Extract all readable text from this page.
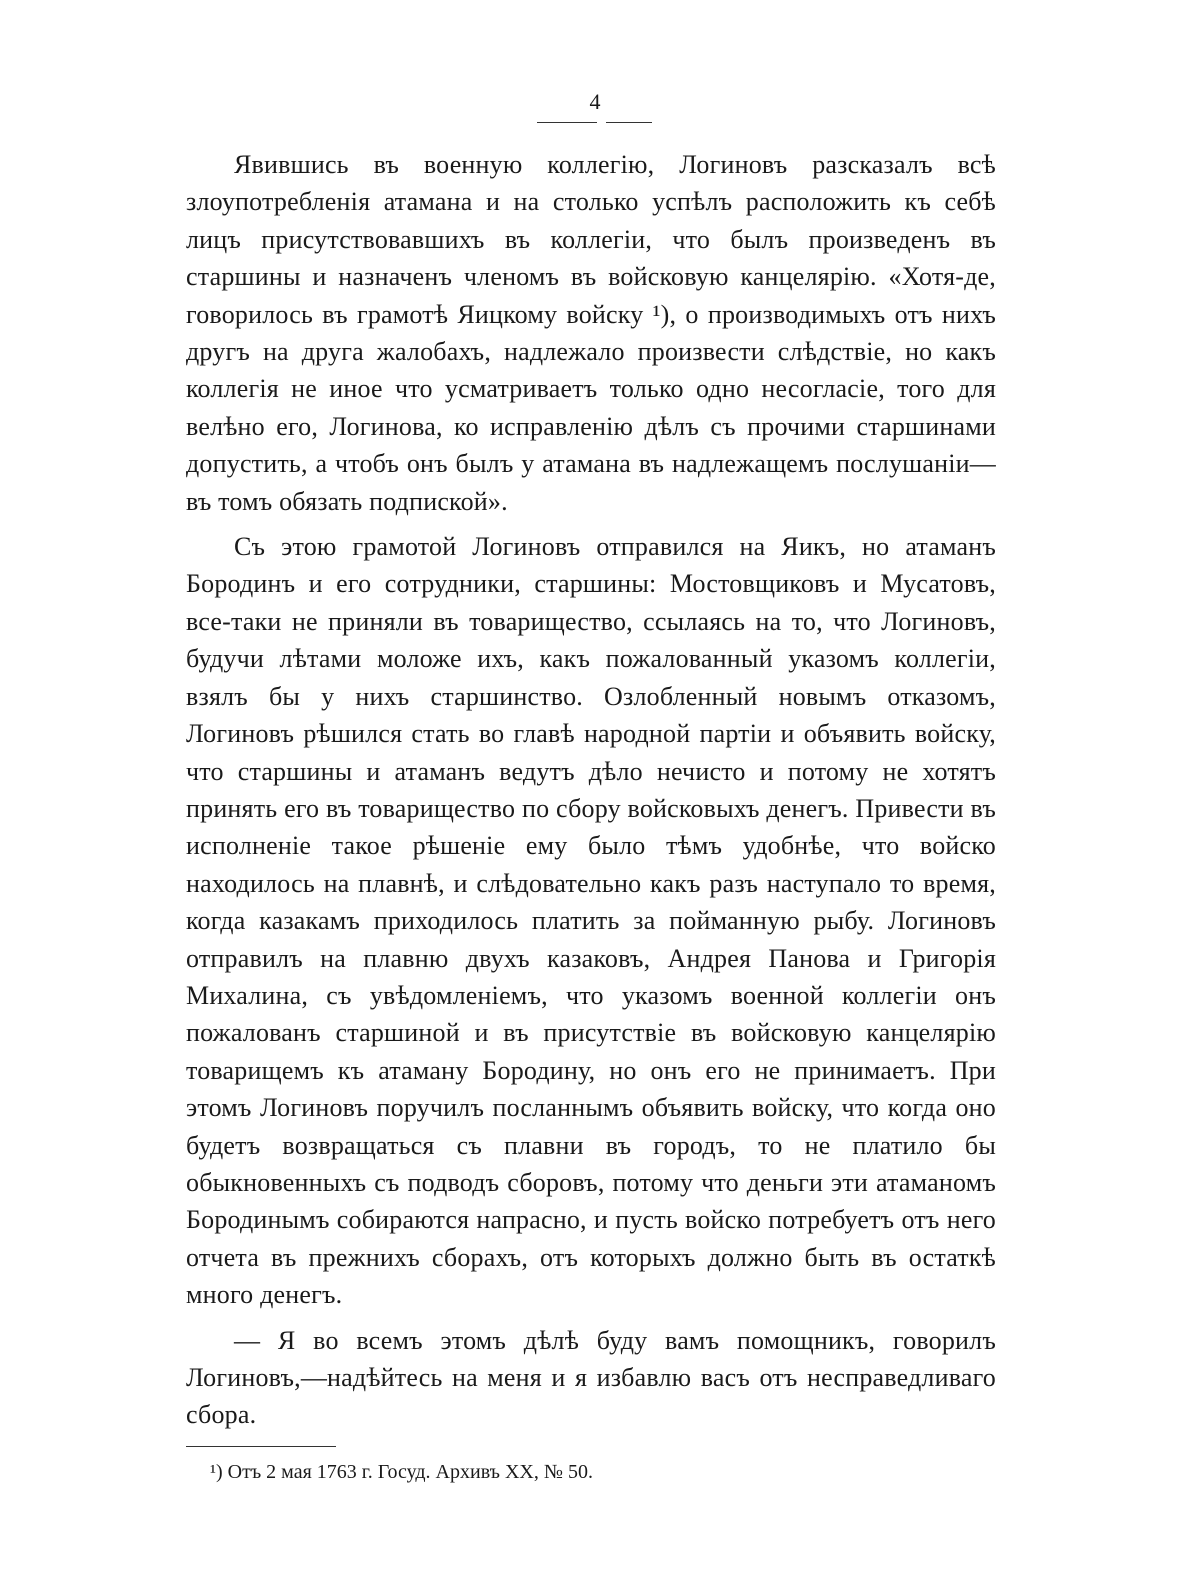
4

Явившись въ военную коллегію, Логиновъ разсказалъ всѣ злоупотребленія атамана и на столько успѣлъ расположить къ себѣ лицъ присутствовавшихъ въ коллегіи, что былъ произведенъ въ старшины и назначенъ членомъ въ войсковую канцелярію. «Хотя-де, говорилось въ грамотѣ Яицкому войску ¹), о производимыхъ отъ нихъ другъ на друга жалобахъ, надлежало произвести слѣдствіе, но какъ коллегія не иное что усматриваетъ только одно несогласіе, того для велѣно его, Логинова, ко исправленію дѣлъ съ прочими старшинами допустить, а чтобъ онъ былъ у атамана въ надлежащемъ послушаніи—въ томъ обязать подпиской».

Съ этою грамотой Логиновъ отправился на Яикъ, но атаманъ Бородинъ и его сотрудники, старшины: Мостовщиковъ и Мусатовъ, все-таки не приняли въ товарищество, ссылаясь на то, что Логиновъ, будучи лѣтами моложе ихъ, какъ пожалованный указомъ коллегіи, взялъ бы у нихъ старшинство. Озлобленный новымъ отказомъ, Логиновъ рѣшился стать во главѣ народной партіи и объявить войску, что старшины и атаманъ ведутъ дѣло нечисто и потому не хотятъ принять его въ товарищество по сбору войсковыхъ денегъ. Привести въ исполненіе такое рѣшеніе ему было тѣмъ удобнѣе, что войско находилось на плавнѣ, и слѣдовательно какъ разъ наступало то время, когда казакамъ приходилось платить за пойманную рыбу. Логиновъ отправилъ на плавню двухъ казаковъ, Андрея Панова и Григорія Михалина, съ увѣдомленіемъ, что указомъ военной коллегіи онъ пожалованъ старшиной и въ присутствіе въ войсковую канцелярію товарищемъ къ атаману Бородину, но онъ его не принимаетъ. При этомъ Логиновъ поручилъ посланнымъ объявить войску, что когда оно будетъ возвращаться съ плавни въ городъ, то не платило бы обыкновенныхъ съ подводъ сборовъ, потому что деньги эти атаманомъ Бородинымъ собираются напрасно, и пусть войско потребуетъ отъ него отчета въ прежнихъ сборахъ, отъ которыхъ должно быть въ остаткѣ много денегъ.

— Я во всемъ этомъ дѣлѣ буду вамъ помощникъ, говорилъ Логиновъ,—надѣйтесь на меня и я избавлю васъ отъ несправедливаго сбора.

¹) Отъ 2 мая 1763 г. Госуд. Архивъ XX, № 50.
